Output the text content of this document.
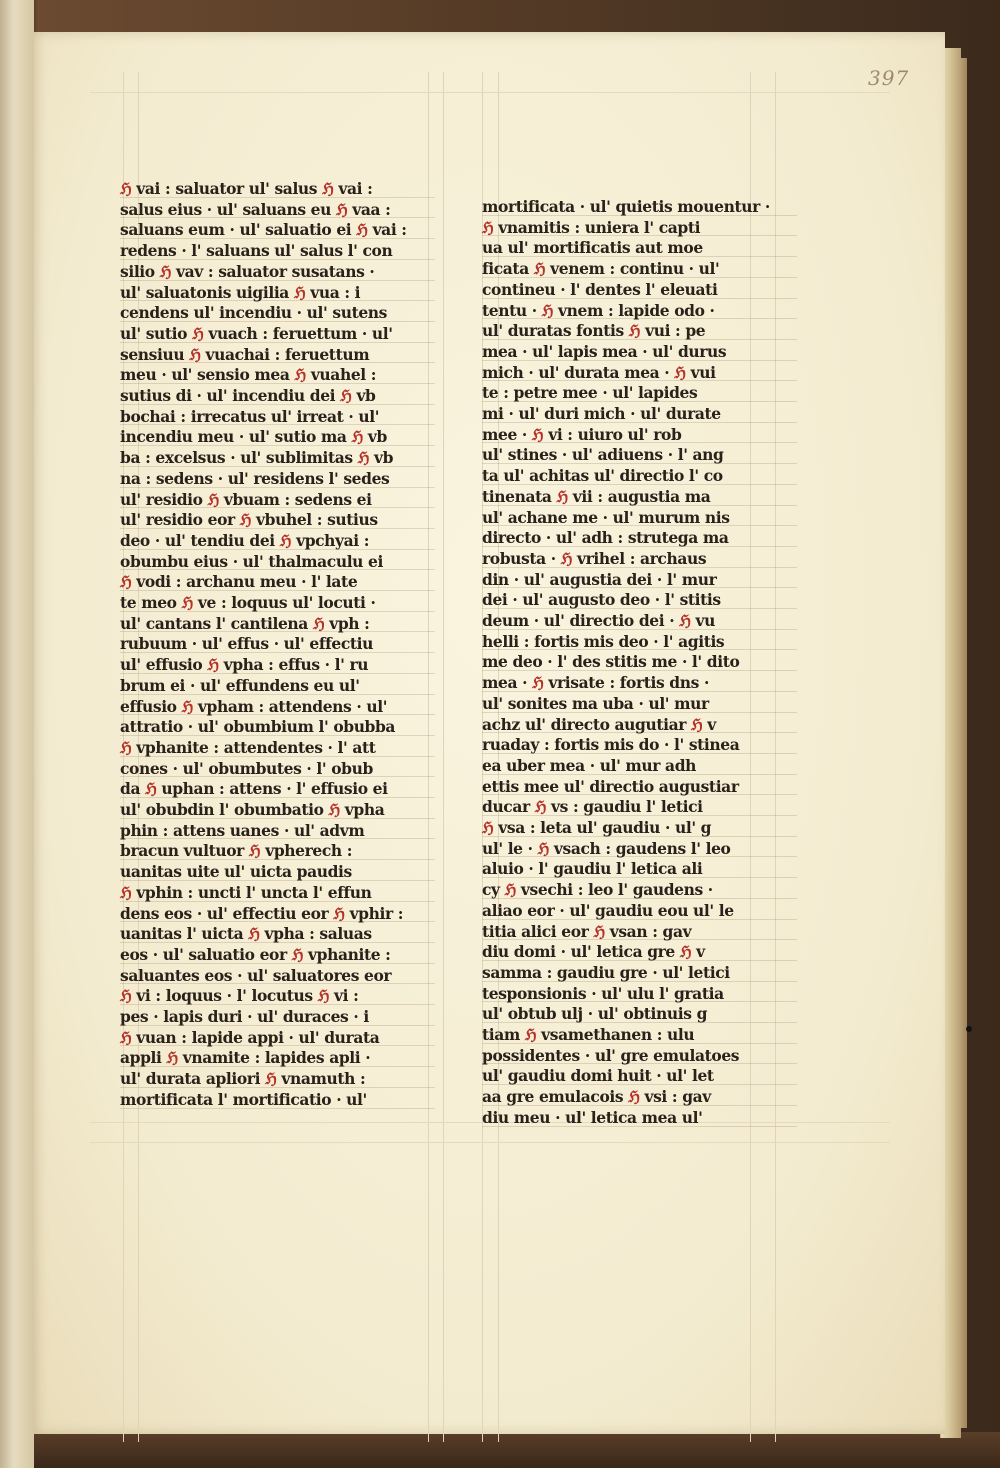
397
ℌ vai : saluator ul' salus ℌ vai :
salus eius · ul' saluans eu ℌ vaa :
saluans eum · ul' saluatio ei ℌ vai :
redens · l' saluans ul' salus l' con
silio ℌ vav : saluator susatans ·
ul' saluatonis uigilia ℌ vua : i
cendens ul' incendiu · ul' sutens
ul' sutio ℌ vuach : feruettum · ul'
sensiuu ℌ vuachai : feruettum
meu · ul' sensio mea ℌ vuahel :
sutius di · ul' incendiu dei ℌ vb
bochai : irrecatus ul' irreat · ul'
incendiu meu · ul' sutio ma ℌ vb
ba : excelsus · ul' sublimitas ℌ vb
na : sedens · ul' residens l' sedes
ul' residio ℌ vbuam : sedens ei
ul' residio eor ℌ vbuhel : sutius
deo · ul' tendiu dei ℌ vpchyai :
obumbu eius · ul' thalmaculu ei
ℌ vodi : archanu meu · l' late
te meo ℌ ve : loquus ul' locuti ·
ul' cantans l' cantilena ℌ vph :
rubuum · ul' effus · ul' effectiu
ul' effusio ℌ vpha : effus · l' ru
brum ei · ul' effundens eu ul'
effusio ℌ vpham : attendens · ul'
attratio · ul' obumbium l' obubba
ℌ vphanite : attendentes · l' att
cones · ul' obumbutes · l' obub
da ℌ uphan : attens · l' effusio ei
ul' obubdin l' obumbatio ℌ vpha
phin : attens uanes · ul' advm
bracun vultuor ℌ vpherech :
uanitas uite ul' uicta paudis
ℌ vphin : uncti l' uncta l' effun
dens eos · ul' effectiu eor ℌ vphir :
uanitas l' uicta ℌ vpha : saluas
eos · ul' saluatio eor ℌ vphanite :
saluantes eos · ul' saluatores eor
ℌ vi : loquus · l' locutus ℌ vi :
pes · lapis duri · ul' duraces · i
ℌ vuan : lapide appi · ul' durata
appli ℌ vnamite : lapides apli ·
ul' durata apliori ℌ vnamuth :
mortificata l' mortificatio · ul'
mortificata · ul' quietis mouentur ·
ℌ vnamitis : uniera l' capti
ua ul' mortificatis aut moe
ficata ℌ venem : continu · ul'
contineu · l' dentes l' eleuati
tentu · ℌ vnem : lapide odo ·
ul' duratas fontis ℌ vui : pe
mea · ul' lapis mea · ul' durus
mich · ul' durata mea · ℌ vui
te : petre mee · ul' lapides
mi · ul' duri mich · ul' durate
mee · ℌ vi : uiuro ul' rob
ul' stines · ul' adiuens · l' ang
ta ul' achitas ul' directio l' co
tinenata ℌ vii : augustia ma
ul' achane me · ul' murum nis
directo · ul' adh : strutega ma
robusta · ℌ vrihel : archaus
din · ul' augustia dei · l' mur
dei · ul' augusto deo · l' stitis
deum · ul' directio dei · ℌ vu
helli : fortis mis deo · l' agitis
me deo · l' des stitis me · l' dito
mea · ℌ vrisate : fortis dns ·
ul' sonites ma uba · ul' mur
achz ul' directo augutiar ℌ v
ruaday : fortis mis do · l' stinea
ea uber mea · ul' mur adh
ettis mee ul' directio augustiar
ducar ℌ vs : gaudiu l' letici
ℌ vsa : leta ul' gaudiu · ul' g
ul' le · ℌ vsach : gaudens l' leo
aluio · l' gaudiu l' letica ali
cy ℌ vsechi : leo l' gaudens ·
aliao eor · ul' gaudiu eou ul' le
titia alici eor ℌ vsan : gav
diu domi · ul' letica gre ℌ v
samma : gaudiu gre · ul' letici
tesponsionis · ul' ulu l' gratia
ul' obtub ulj · ul' obtinuis g
tiam ℌ vsamethanen : ulu
possidentes · ul' gre emulatoes
ul' gaudiu domi huit · ul' let
aa gre emulacois ℌ vsi : gav
diu meu · ul' letica mea ul'
